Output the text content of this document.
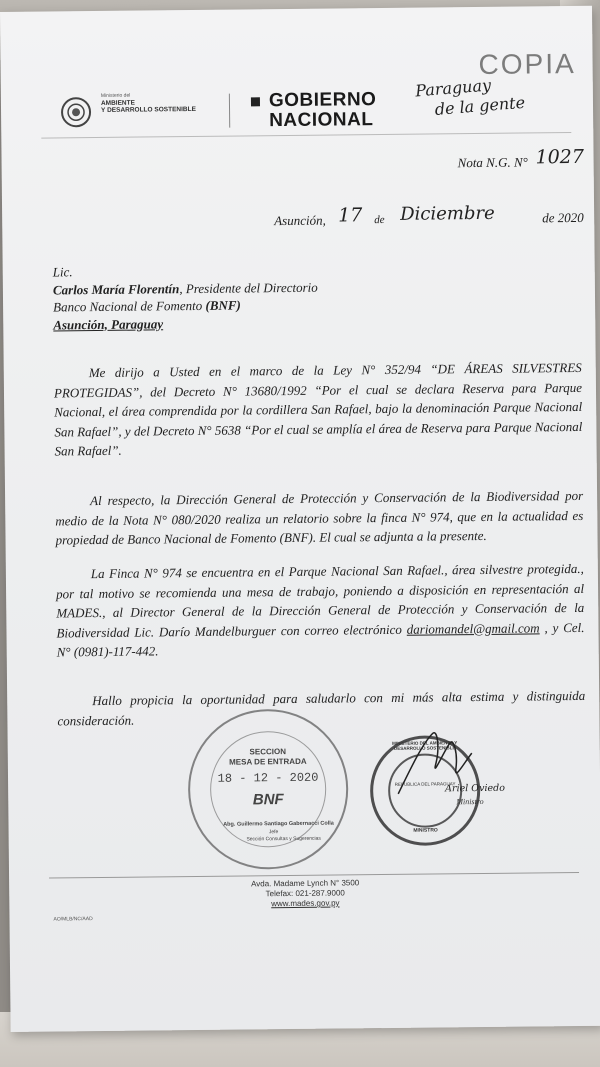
Ministerio del
AMBIENTE
Y DESARROLLO SOSTENIBLE	GOBIERNO
NACIONAL
Paraguay
de la gente
COPIA
Nota N.G. N° 1027
Asunción, 17 de Diciembre	de 2020
Lic.
Carlos María Florentín, Presidente del Directorio
Banco Nacional de Fomento (BNF)
Asunción, Paraguay
Me dirijo a Usted en el marco de la Ley N° 352/94 “DE ÁREAS SILVESTRES PROTEGIDAS”, del Decreto N° 13680/1992 “Por el cual se declara Reserva para Parque Nacional, el área comprendida por la cordillera San Rafael, bajo la denominación Parque Nacional San Rafael”, y del Decreto N° 5638 “Por el cual se amplía el área de Reserva para Parque Nacional San Rafael”.
Al respecto, la Dirección General de Protección y Conservación de la Biodiversidad por medio de la Nota N° 080/2020 realiza un relatorio sobre la finca N° 974, que en la actualidad es propiedad de Banco Nacional de Fomento (BNF). El cual se adjunta a la presente.
La Finca N° 974 se encuentra en el Parque Nacional San Rafael., área silvestre protegida., por tal motivo se recomienda una mesa de trabajo, poniendo a disposición en representación al MADES., al Director General de la Dirección General de Protección y Conservación de la Biodiversidad Lic. Darío Mandelburguer con correo electrónico dariomandel@gmail.com , y Cel. N° (0981)-117-442.
Hallo propicia la oportunidad para saludarlo con mi más alta estima y distinguida consideración.
SECCION
MESA DE ENTRADA
18 - 12 - 2020
BNF
Abg. Guillermo Santiago Gabernacci Colla
Jefe
Sección Consultas y Sugerencias
MINISTERIO DEL AMBIENTE Y DESARROLLO SOSTENIBLE
REPUBLICA DEL PARAGUAY
MINISTRO
Ariel Oviedo
Ministro
Avda. Madame Lynch N° 3500
Telefax: 021-287.9000
www.mades.gov.py
AO/MLB/NC/AAD
